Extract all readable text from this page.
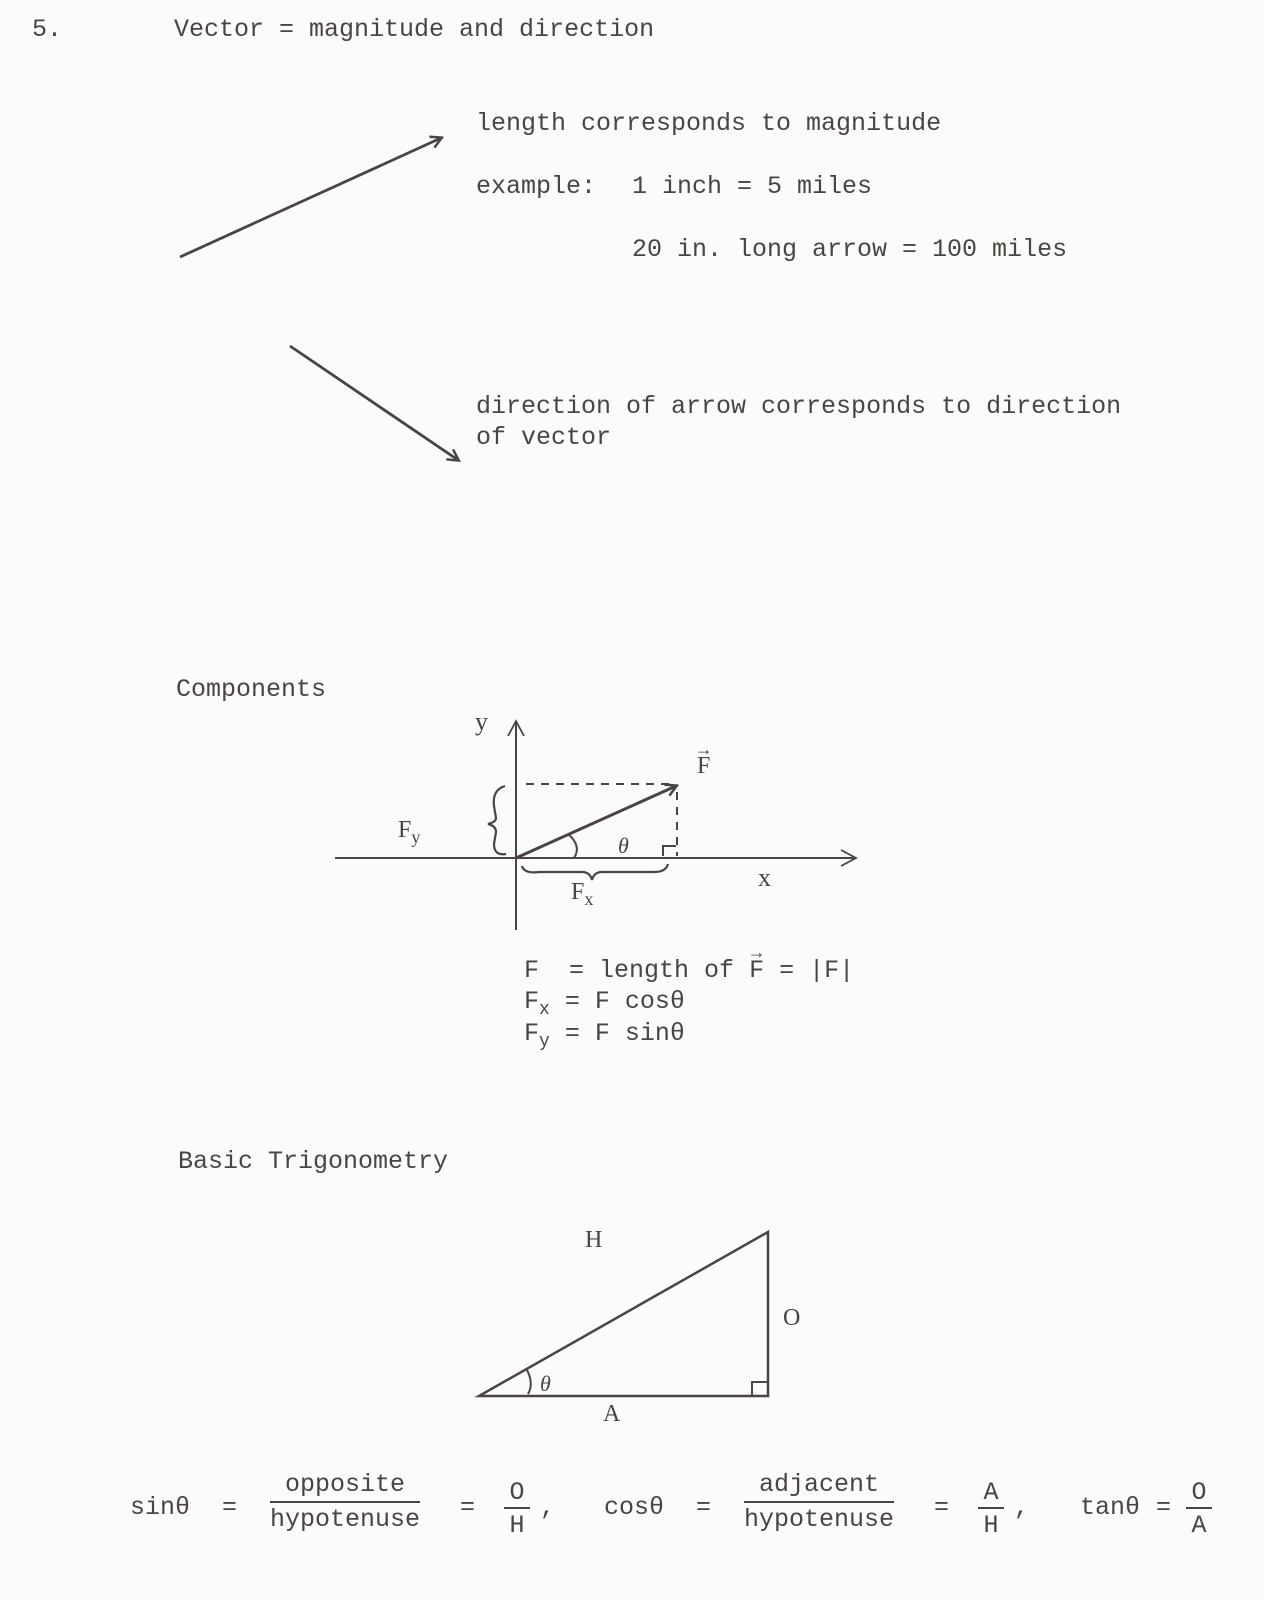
5.	Vector = magnitude and direction
length corresponds to magnitude
example: 1 inch = 5 miles
20 in. long arrow = 100 miles
direction of arrow corresponds to direction
of vector
Components
y
x
→ F
θ
$F_y$
$F_x$
F = length of → F = |F|
$F_x = F$ cosθ
$F_y = F$ sinθ
Basic Trigonometry
H
O
A
θ
sinθ =
opposite
hypotenuse = $\frac{O}{H}$ , cosθ =
adjacent
hypotenuse = $\frac{A}{H}$ , $\tan\theta = \frac{O}{A}$
